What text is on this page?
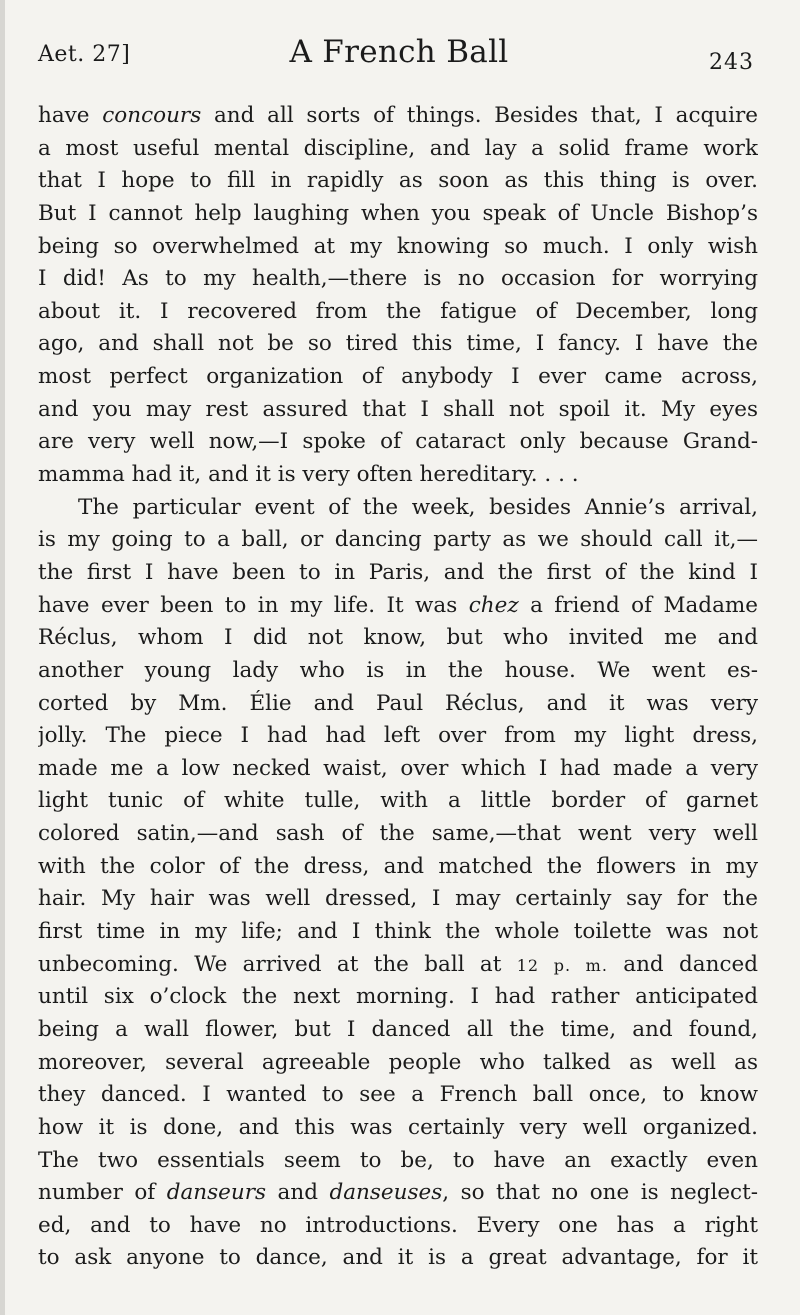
Aet. 27]	A French Ball	243
have concours and all sorts of things. Besides that, I acquire
a most useful mental discipline, and lay a solid frame work
that I hope to fill in rapidly as soon as this thing is over.
But I cannot help laughing when you speak of Uncle Bishop’s
being so overwhelmed at my knowing so much. I only wish
I did! As to my health,—there is no occasion for worrying
about it. I recovered from the fatigue of December, long
ago, and shall not be so tired this time, I fancy. I have the
most perfect organization of anybody I ever came across,
and you may rest assured that I shall not spoil it. My eyes
are very well now,—I spoke of cataract only because Grand-
mamma had it, and it is very often hereditary. . . .
The particular event of the week, besides Annie’s arrival,
is my going to a ball, or dancing party as we should call it,—
the first I have been to in Paris, and the first of the kind I
have ever been to in my life. It was chez a friend of Madame
Réclus, whom I did not know, but who invited me and
another young lady who is in the house. We went es-
corted by Mm. Élie and Paul Réclus, and it was very
jolly. The piece I had had left over from my light dress,
made me a low necked waist, over which I had made a very
light tunic of white tulle, with a little border of garnet
colored satin,—and sash of the same,—that went very well
with the color of the dress, and matched the flowers in my
hair. My hair was well dressed, I may certainly say for the
first time in my life; and I think the whole toilette was not
unbecoming. We arrived at the ball at 12 p. m. and danced
until six o’clock the next morning. I had rather anticipated
being a wall flower, but I danced all the time, and found,
moreover, several agreeable people who talked as well as
they danced. I wanted to see a French ball once, to know
how it is done, and this was certainly very well organized.
The two essentials seem to be, to have an exactly even
number of danseurs and danseuses, so that no one is neglect-
ed, and to have no introductions. Every one has a right
to ask anyone to dance, and it is a great advantage, for it
